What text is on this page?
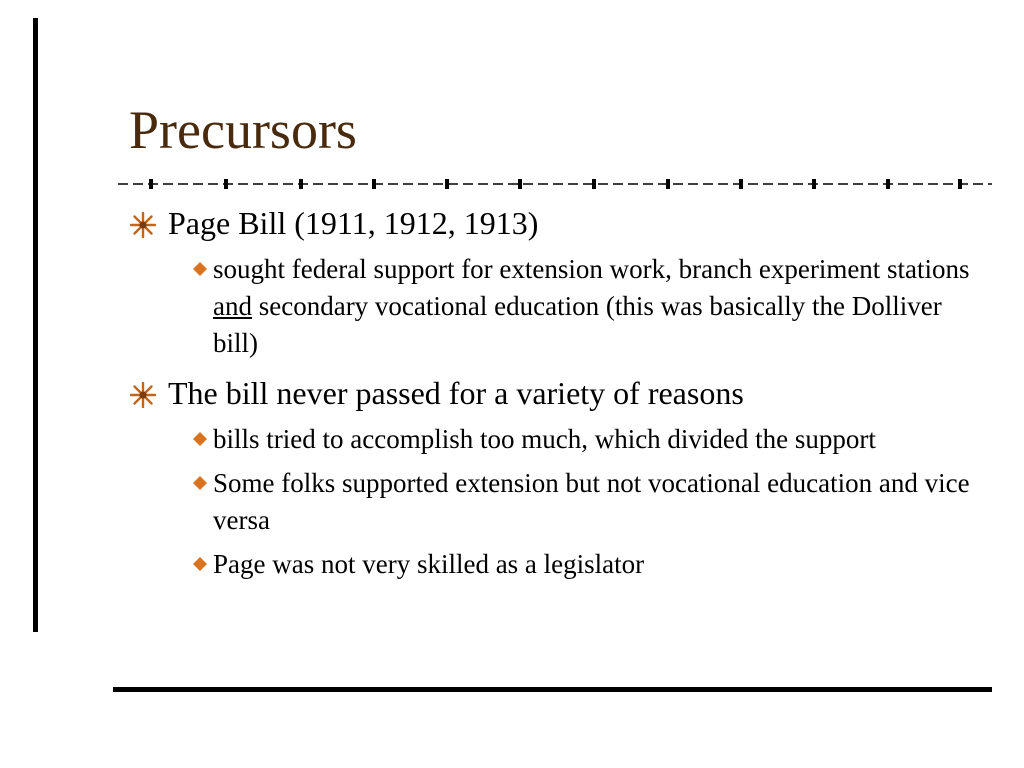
Precursors
Page Bill (1911, 1912, 1913)
sought federal support for extension work, branch experiment stations and secondary vocational education (this was basically the Dolliver bill)
The bill never passed for a variety of reasons
bills tried to accomplish too much, which divided the support
Some folks supported extension but not vocational education and vice versa
Page was not very skilled as a legislator
